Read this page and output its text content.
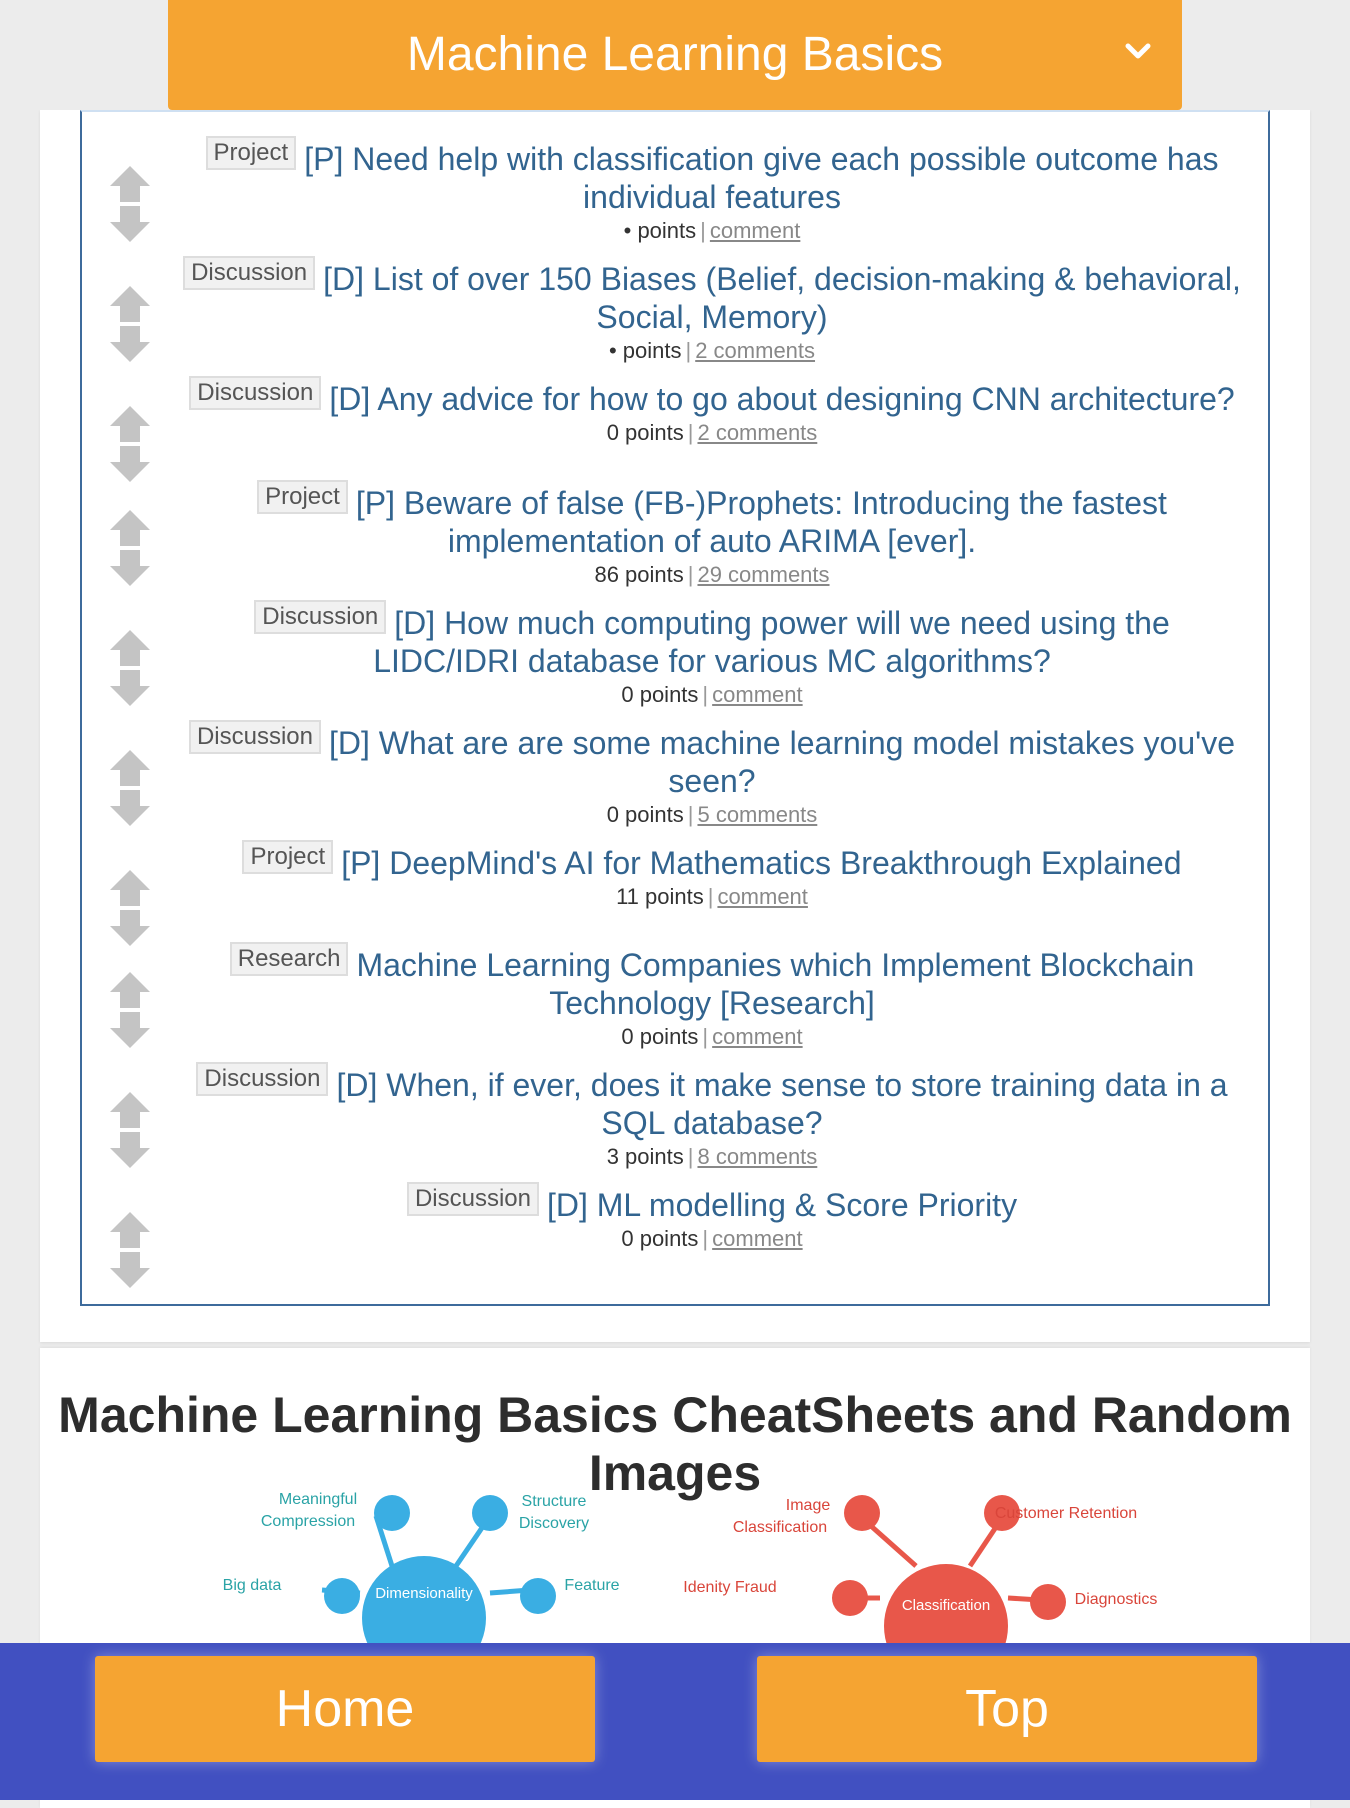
Machine Learning Basics
Project [P] Need help with classification give each possible outcome has individual features
• points | comment
Discussion [D] List of over 150 Biases (Belief, decision-making & behavioral, Social, Memory)
• points | 2 comments
Discussion [D] Any advice for how to go about designing CNN architecture?
0 points | 2 comments
Project [P] Beware of false (FB-)Prophets: Introducing the fastest implementation of auto ARIMA [ever].
86 points | 29 comments
Discussion [D] How much computing power will we need using the LIDC/IDRI database for various MC algorithms?
0 points | comment
Discussion [D] What are are some machine learning model mistakes you've seen?
0 points | 5 comments
Project [P] DeepMind's AI for Mathematics Breakthrough Explained
11 points | comment
Research Machine Learning Companies which Implement Blockchain Technology [Research]
0 points | comment
Discussion [D] When, if ever, does it make sense to store training data in a SQL database?
3 points | 8 comments
Discussion [D] ML modelling & Score Priority
0 points | comment
Machine Learning Basics CheatSheets and Random Images
Meaningful
Compression
Structure
Discovery
Big data	Dimensionality	Feature
Image
Classification
Customer Retention
Idenity Fraud
Classification	Diagnostics
Home	Top
